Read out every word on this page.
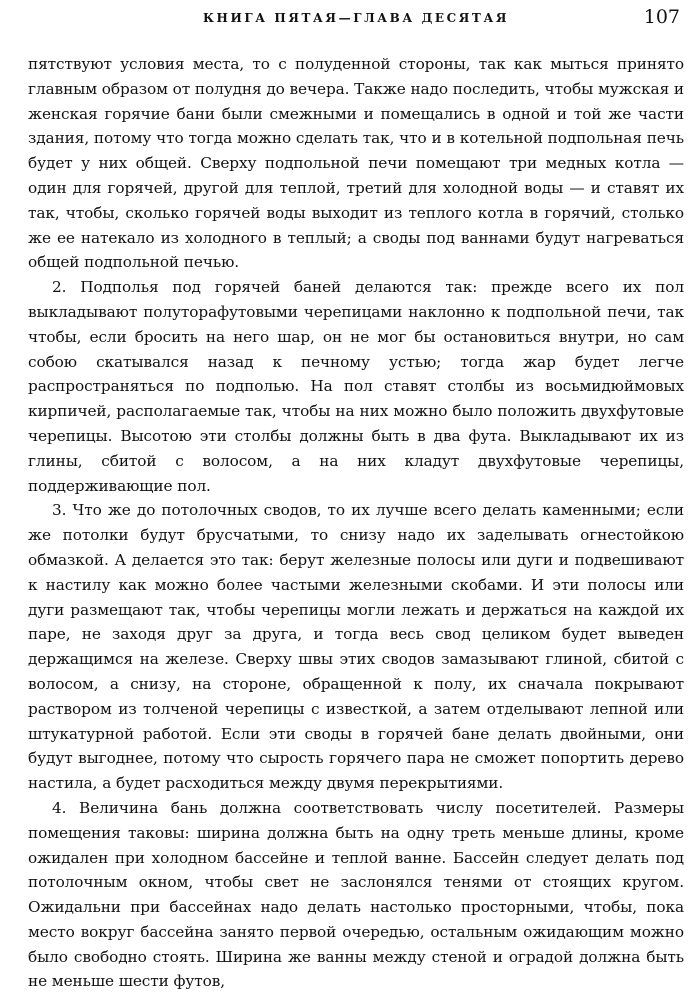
КНИГА ПЯТАЯ—ГЛАВА ДЕСЯТАЯ	107

пятствуют условия места, то с полуденной стороны, так как мыться принято главным образом от полудня до вечера. Также надо последить, чтобы мужская и женская горячие бани были смежными и помещались в одной и той же части здания, потому что тогда можно сделать так, что и в котельной подпольная печь будет у них общей. Сверху подпольной печи помещают три медных котла — один для горячей, другой для теплой, третий для холодной воды — и ставят их так, чтобы, сколько горячей воды выходит из теплого котла в горячий, столько же ее натекало из холодного в теплый; а своды под ваннами будут нагреваться общей подпольной печью.

2. Подполья под горячей баней делаются так: прежде всего их пол выкладывают полуторафутовыми черепицами наклонно к подпольной печи, так чтобы, если бросить на него шар, он не мог бы остановиться внутри, но сам собою скатывался назад к печному устью; тогда жар будет легче распространяться по подполью. На пол ставят столбы из восьмидюймовых кирпичей, располагаемые так, чтобы на них можно было положить двухфутовые черепицы. Высотою эти столбы должны быть в два фута. Выкладывают их из глины, сбитой с волосом, а на них кладут двухфутовые черепицы, поддерживающие пол.

3. Что же до потолочных сводов, то их лучше всего делать каменными; если же потолки будут брусчатыми, то снизу надо их заделывать огнестойкою обмазкой. А делается это так: берут железные полосы или дуги и подвешивают к настилу как можно более частыми железными скобами. И эти полосы или дуги размещают так, чтобы черепицы могли лежать и держаться на каждой их паре, не заходя друг за друга, и тогда весь свод целиком будет выведен держащимся на железе. Сверху швы этих сводов замазывают глиной, сбитой с волосом, а снизу, на стороне, обращенной к полу, их сначала покрывают раствором из толченой черепицы с известкой, а затем отделывают лепной или штукатурной работой. Если эти своды в горячей бане делать двойными, они будут выгоднее, потому что сырость горячего пара не сможет попортить дерево настила, а будет расходиться между двумя перекрытиями.

4. Величина бань должна соответствовать числу посетителей. Размеры помещения таковы: ширина должна быть на одну треть меньше длины, кроме ожидален при холодном бассейне и теплой ванне. Бассейн следует делать под потолочным окном, чтобы свет не заслонялся тенями от стоящих кругом. Ожидальни при бассейнах надо делать настолько просторными, чтобы, пока место вокруг бассейна занято первой очередью, остальным ожидающим можно было свободно стоять. Ширина же ванны между стеной и оградой должна быть не меньше шести футов,
